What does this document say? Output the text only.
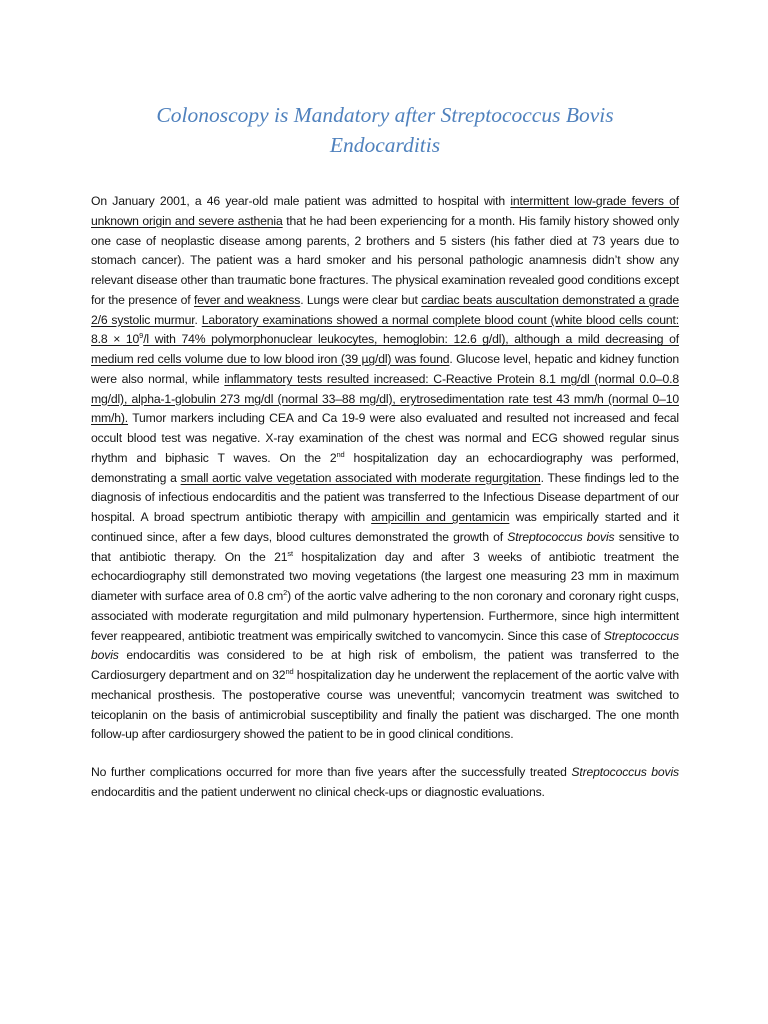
Colonoscopy is Mandatory after Streptococcus Bovis
Endocarditis

On January 2001, a 46 year-old male patient was admitted to hospital with intermittent low-grade fevers of unknown origin and severe asthenia that he had been experiencing for a month. His family history showed only one case of neoplastic disease among parents, 2 brothers and 5 sisters (his father died at 73 years due to stomach cancer). The patient was a hard smoker and his personal pathologic anamnesis didn’t show any relevant disease other than traumatic bone fractures. The physical examination revealed good conditions except for the presence of fever and weakness. Lungs were clear but cardiac beats auscultation demonstrated a grade 2/6 systolic murmur. Laboratory examinations showed a normal complete blood count (white blood cells count: $8.8 \times 10^9/l$ with 74% polymorphonuclear leukocytes, hemoglobin: 12.6 g/dl), although a mild decreasing of medium red cells volume due to low blood iron (39 µg/dl) was found. Glucose level, hepatic and kidney function were also normal, while inflammatory tests resulted increased: C-Reactive Protein 8.1 mg/dl (normal 0.0–0.8 mg/dl), alpha-1-globulin 273 mg/dl (normal 33–88 mg/dl), erytrosedimentation rate test 43 mm/h (normal 0–10 mm/h). Tumor markers including CEA and Ca 19-9 were also evaluated and resulted not increased and fecal occult blood test was negative. X-ray examination of the chest was normal and ECG showed regular sinus rhythm and biphasic T waves. On the 2nd hospitalization day an echocardiography was performed, demonstrating a small aortic valve vegetation associated with moderate regurgitation. These findings led to the diagnosis of infectious endocarditis and the patient was transferred to the Infectious Disease department of our hospital. A broad spectrum antibiotic therapy with ampicillin and gentamicin was empirically started and it continued since, after a few days, blood cultures demonstrated the growth of Streptococcus bovis sensitive to that antibiotic therapy. On the 21st hospitalization day and after 3 weeks of antibiotic treatment the echocardiography still demonstrated two moving vegetations (the largest one measuring 23 mm in maximum diameter with surface area of 0.8 $cm^2$) of the aortic valve adhering to the non coronary and coronary right cusps, associated with moderate regurgitation and mild pulmonary hypertension. Furthermore, since high intermittent fever reappeared, antibiotic treatment was empirically switched to vancomycin. Since this case of Streptococcus bovis endocarditis was considered to be at high risk of embolism, the patient was transferred to the Cardiosurgery department and on 32nd hospitalization day he underwent the replacement of the aortic valve with mechanical prosthesis. The postoperative course was uneventful; vancomycin treatment was switched to teicoplanin on the basis of antimicrobial susceptibility and finally the patient was discharged. The one month follow-up after cardiosurgery showed the patient to be in good clinical conditions.

No further complications occurred for more than five years after the successfully treated Streptococcus bovis endocarditis and the patient underwent no clinical check-ups or diagnostic evaluations.
